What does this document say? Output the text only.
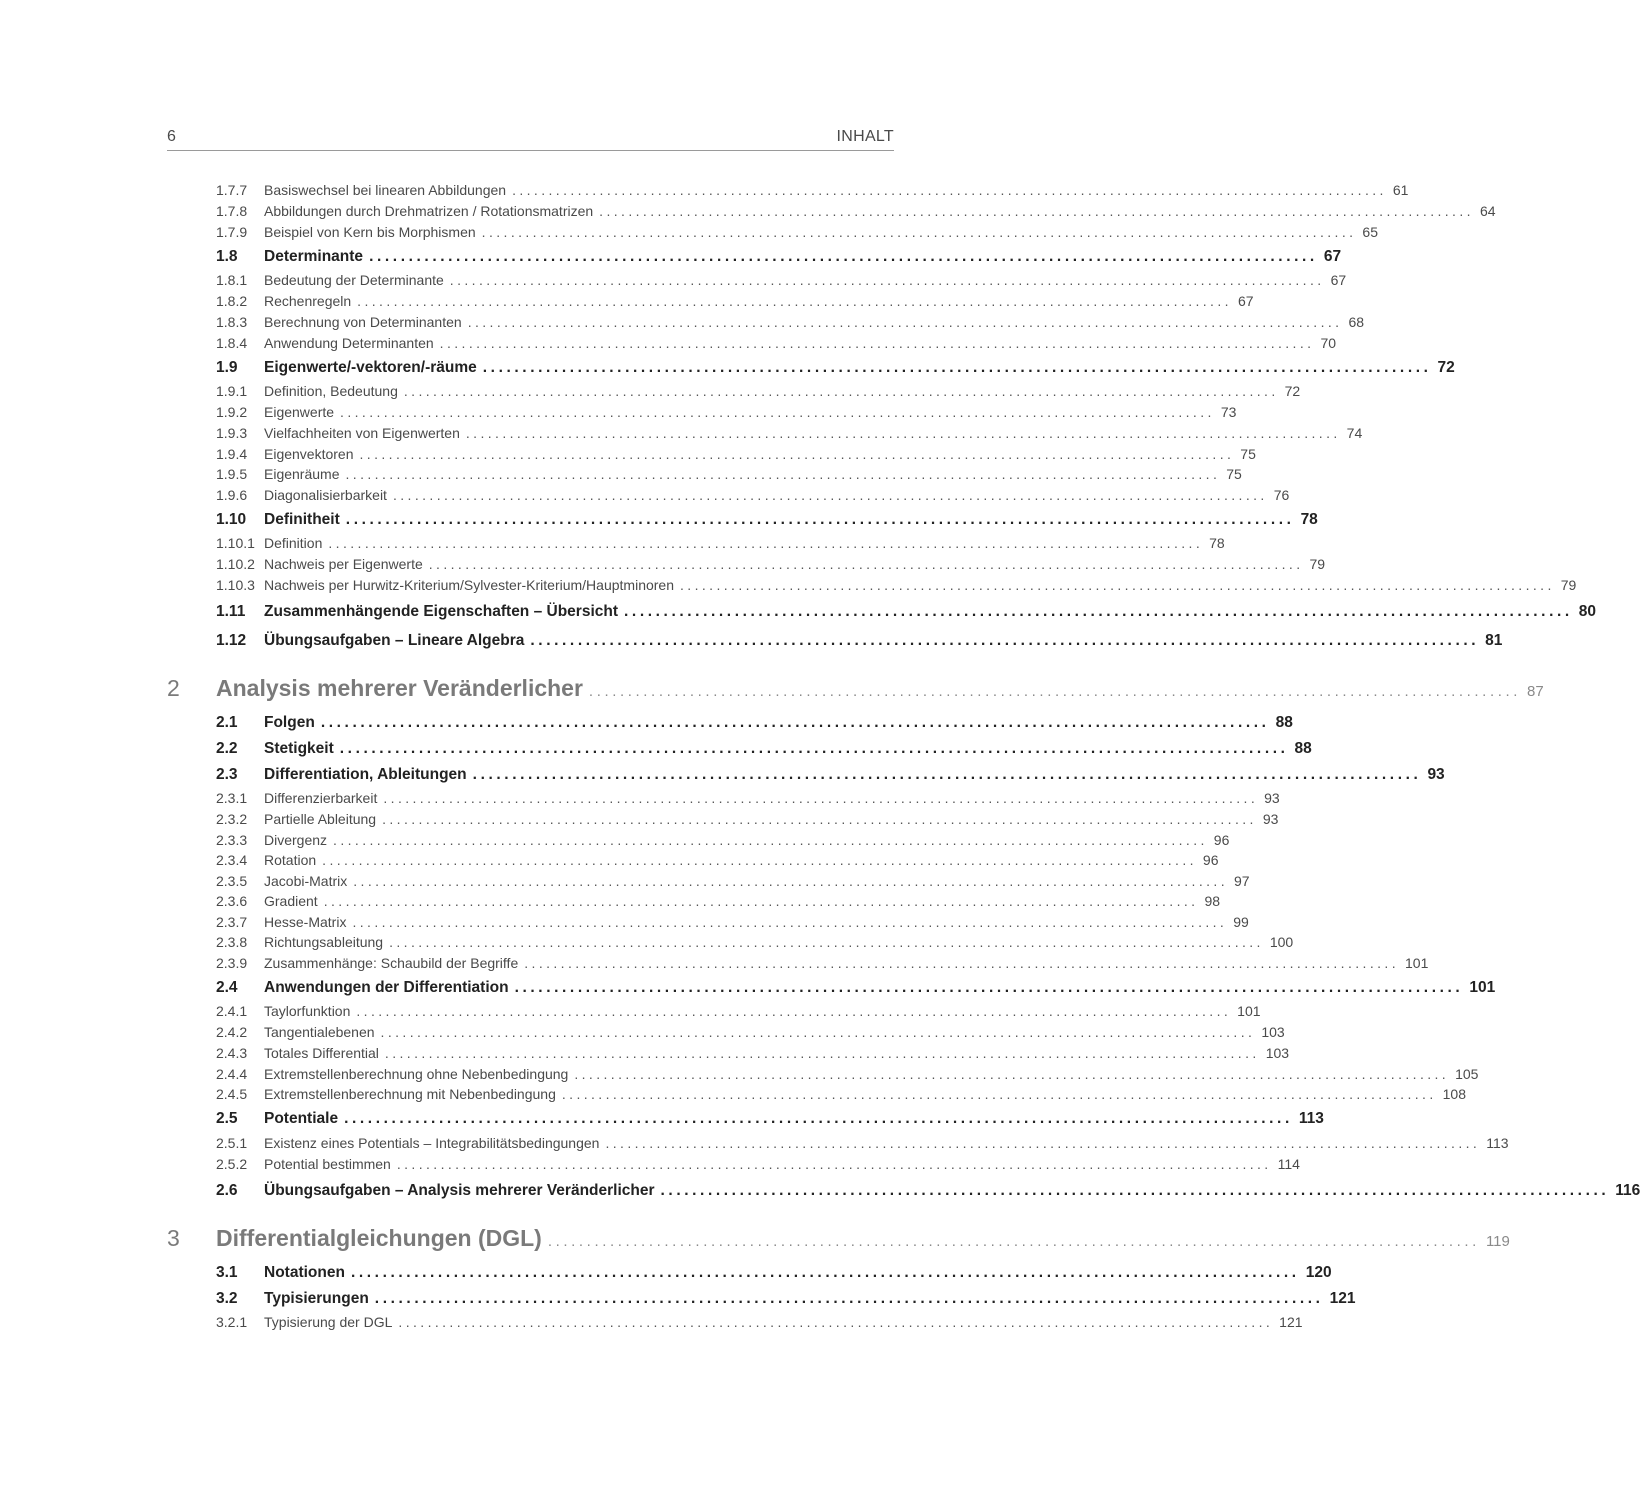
6	INHALT
1.7.7	Basiswechsel bei linearen Abbildungen ........................................................................................................................ 61
1.7.8	Abbildungen durch Drehmatrizen / Rotationsmatrizen ........................................................................................................................ 64
1.7.9	Beispiel von Kern bis Morphismen ........................................................................................................................ 65
1.8	Determinante ........................................................................................................................ 67
1.8.1	Bedeutung der Determinante ........................................................................................................................ 67
1.8.2	Rechenregeln ........................................................................................................................ 67
1.8.3	Berechnung von Determinanten ........................................................................................................................ 68
1.8.4	Anwendung Determinanten ........................................................................................................................ 70
1.9	Eigenwerte/-vektoren/-räume ........................................................................................................................ 72
1.9.1	Definition, Bedeutung ........................................................................................................................ 72
1.9.2	Eigenwerte ........................................................................................................................ 73
1.9.3	Vielfachheiten von Eigenwerten ........................................................................................................................ 74
1.9.4	Eigenvektoren ........................................................................................................................ 75
1.9.5	Eigenräume ........................................................................................................................ 75
1.9.6	Diagonalisierbarkeit ........................................................................................................................ 76
1.10	Definitheit ........................................................................................................................ 78
1.10.1 Definition ........................................................................................................................ 78
1.10.2 Nachweis per Eigenwerte ........................................................................................................................ 79
1.10.3 Nachweis per Hurwitz-Kriterium/Sylvester-Kriterium/Hauptminoren ........................................................................................................................ 79
1.11	Zusammenhängende Eigenschaften – Übersicht ........................................................................................................................ 80
1.12	Übungsaufgaben – Lineare Algebra ........................................................................................................................ 81
2	Analysis mehrerer Veränderlicher ........................................................................................................................ 87
2.1	Folgen ........................................................................................................................ 88
2.2	Stetigkeit ........................................................................................................................ 88
2.3	Differentiation, Ableitungen ........................................................................................................................ 93
2.3.1	Differenzierbarkeit ........................................................................................................................ 93
2.3.2	Partielle Ableitung ........................................................................................................................ 93
2.3.3	Divergenz ........................................................................................................................ 96
2.3.4	Rotation ........................................................................................................................ 96
2.3.5	Jacobi-Matrix ........................................................................................................................ 97
2.3.6	Gradient ........................................................................................................................ 98
2.3.7	Hesse-Matrix ........................................................................................................................ 99
2.3.8	Richtungsableitung ........................................................................................................................ 100
2.3.9	Zusammenhänge: Schaubild der Begriffe ........................................................................................................................ 101
2.4	Anwendungen der Differentiation ........................................................................................................................ 101
2.4.1	Taylorfunktion ........................................................................................................................ 101
2.4.2	Tangentialebenen ........................................................................................................................ 103
2.4.3	Totales Differential ........................................................................................................................ 103
2.4.4	Extremstellenberechnung ohne Nebenbedingung ........................................................................................................................ 105
2.4.5	Extremstellenberechnung mit Nebenbedingung ........................................................................................................................ 108
2.5	Potentiale ........................................................................................................................ 113
2.5.1	Existenz eines Potentials – Integrabilitätsbedingungen ........................................................................................................................ 113
2.5.2	Potential bestimmen ........................................................................................................................ 114
2.6	Übungsaufgaben – Analysis mehrerer Veränderlicher ........................................................................................................................ 116
3	Differentialgleichungen (DGL) ........................................................................................................................ 119
3.1	Notationen ........................................................................................................................ 120
3.2	Typisierungen ........................................................................................................................ 121
3.2.1	Typisierung der DGL ........................................................................................................................ 121
